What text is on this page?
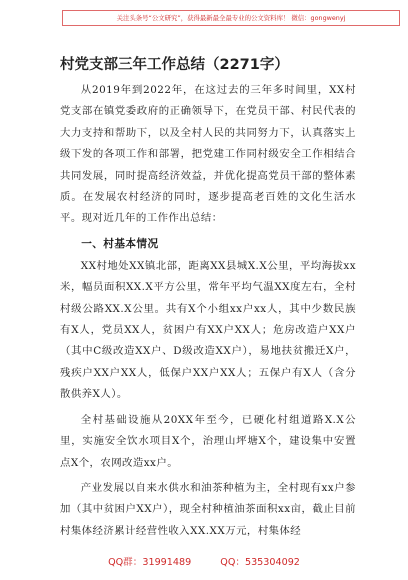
关注头条号“公文研究”，获得最新最全最专业的公文资料库！ 微信：gongwenyj
村党支部三年工作总结（2271字）

从2019年到2022年，在这过去的三年多时间里，XX村党支部在镇党委政府的正确领导下，在党员干部、村民代表的大力支持和帮助下，以及全村人民的共同努力下，认真落实上级下发的各项工作和部署，把党建工作同村级安全工作相结合共同发展，同时提高经济效益，并优化提高党员干部的整体素质。在发展农村经济的同时，逐步提高老百姓的文化生活水平。现对近几年的工作作出总结：

一、村基本情况

XX村地处XX镇北部，距离XX县城X.X公里，平均海拔xx米，幅员面积XX.X平方公里，常年平均气温XX度左右，全村村级公路XX.X公里。共有X个小组xx户xx人，其中少数民族有X人，党员XX人，贫困户有XX户XX人；危房改造户XX户（其中C级改造XX户、D级改造XX户），易地扶贫搬迁X户，残疾户XX户XX人，低保户XX户XX人；五保户有X人（含分散供养X人）。

全村基础设施从20XX年至今，已硬化村组道路X.X公里，实施安全饮水项目X个，治理山坪塘X个，建设集中安置点X个，农网改造xx户。

产业发展以自来水供水和油茶种植为主，全村现有xx户参加（其中贫困户XX户），现全村种植油茶面积xx亩，截止目前村集体经济累计经营性收入XX.XX万元，村集体经

QQ群：31991489	QQ：535304092
